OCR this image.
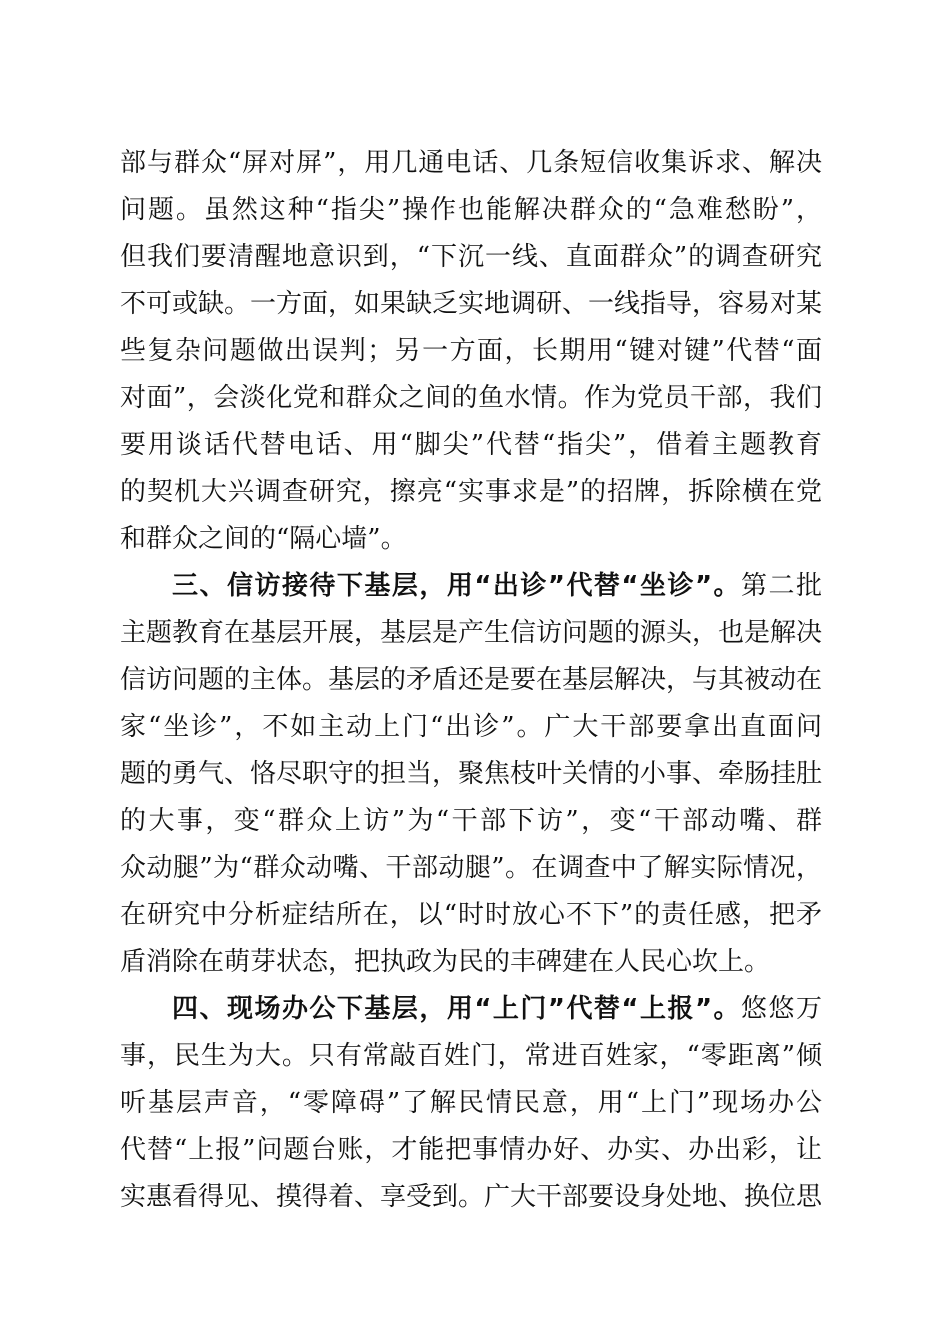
部与群众“屏对屏”，用几通电话、几条短信收集诉求、解决
问题。虽然这种“指尖”操作也能解决群众的“急难愁盼”，
但我们要清醒地意识到，“下沉一线、直面群众”的调查研究
不可或缺。一方面，如果缺乏实地调研、一线指导，容易对某
些复杂问题做出误判；另一方面，长期用“键对键”代替“面
对面”，会淡化党和群众之间的鱼水情。作为党员干部，我们
要用谈话代替电话、用“脚尖”代替“指尖”，借着主题教育
的契机大兴调查研究，擦亮“实事求是”的招牌，拆除横在党
和群众之间的“隔心墙”。
三、信访接待下基层，用“出诊”代替“坐诊”。第二批
主题教育在基层开展，基层是产生信访问题的源头，也是解决
信访问题的主体。基层的矛盾还是要在基层解决，与其被动在
家“坐诊”，不如主动上门“出诊”。广大干部要拿出直面问
题的勇气、恪尽职守的担当，聚焦枝叶关情的小事、牵肠挂肚
的大事，变“群众上访”为“干部下访”，变“干部动嘴、群
众动腿”为“群众动嘴、干部动腿”。在调查中了解实际情况，
在研究中分析症结所在，以“时时放心不下”的责任感，把矛
盾消除在萌芽状态，把执政为民的丰碑建在人民心坎上。
四、现场办公下基层，用“上门”代替“上报”。悠悠万
事，民生为大。只有常敲百姓门，常进百姓家，“零距离”倾
听基层声音，“零障碍”了解民情民意，用“上门”现场办公
代替“上报”问题台账，才能把事情办好、办实、办出彩，让
实惠看得见、摸得着、享受到。广大干部要设身处地、换位思
